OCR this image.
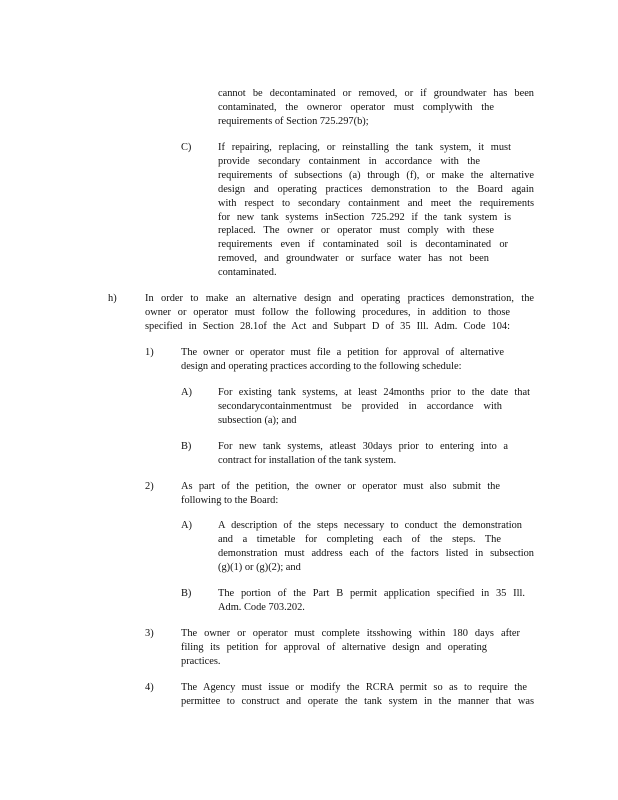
cannot be decontaminated or removed, or if groundwater has been
contaminated, the owneror operator must complywith the
requirements of Section 725.297(b);
C)	If repairing, replacing, or reinstalling the tank system, it must
provide secondary containment in accordance with the
requirements of subsections (a) through (f), or make the alternative
design and operating practices demonstration to the Board again
with respect to secondary containment and meet the requirements
for new tank systems inSection 725.292 if the tank system is
replaced. The owner or operator must comply with these
requirements even if contaminated soil is decontaminated or
removed, and groundwater or surface water has not been
contaminated.
h)	In order to make an alternative design and operating practices demonstration, the
owner or operator must follow the following procedures, in addition to those
specified in Section 28.1of the Act and Subpart D of 35 Ill. Adm. Code 104:
1)	The owner or operator must file a petition for approval of alternative
design and operating practices according to the following schedule:
A)	For existing tank systems, at least 24months prior to the date that
secondarycontainmentmust be provided in accordance with
subsection (a); and
B)	For new tank systems, atleast 30days prior to entering into a
contract for installation of the tank system.
2)	As part of the petition, the owner or operator must also submit the
following to the Board:
A)	A description of the steps necessary to conduct the demonstration
and a timetable for completing each of the steps. The
demonstration must address each of the factors listed in subsection
(g)(1) or (g)(2); and
B)	The portion of the Part B permit application specified in 35 Ill.
Adm. Code 703.202.
3)	The owner or operator must complete itsshowing within 180 days after
filing its petition for approval of alternative design and operating
practices.
4)	The Agency must issue or modify the RCRA permit so as to require the
permittee to construct and operate the tank system in the manner that was
